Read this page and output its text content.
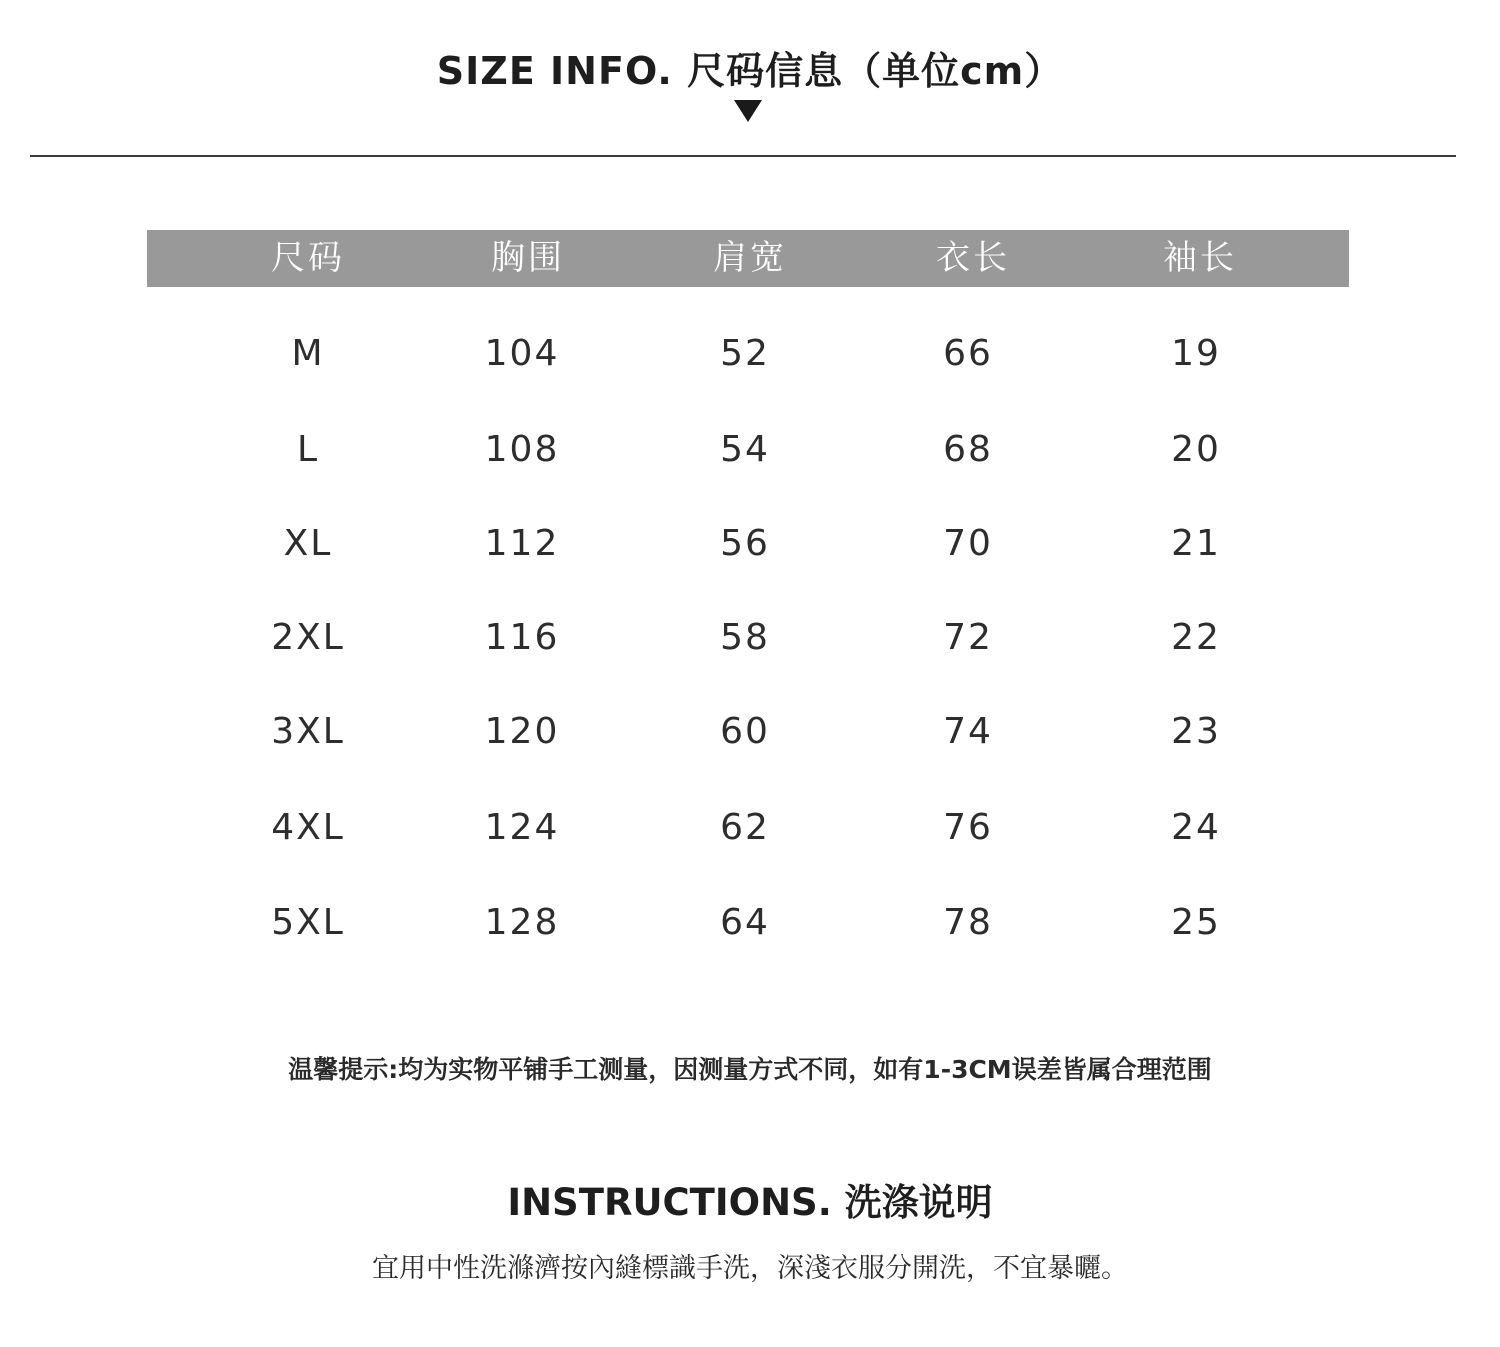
SIZE INFO. 尺码信息（单位cm）
尺码	胸围	肩宽	衣长	袖长
M	104	52	66	19
L	108	54	68	20
XL	112	56	70	21
2XL	116	58	72	22
3XL	120	60	74	23
4XL	124	62	76	24
5XL	128	64	78	25
温馨提示:均为实物平铺手工测量，因测量方式不同，如有1-3CM误差皆属合理范围
INSTRUCTIONS. 洗涤说明
宜用中性洗滌濟按內縫標識手洗，深淺衣服分開洗，不宜暴曬。
